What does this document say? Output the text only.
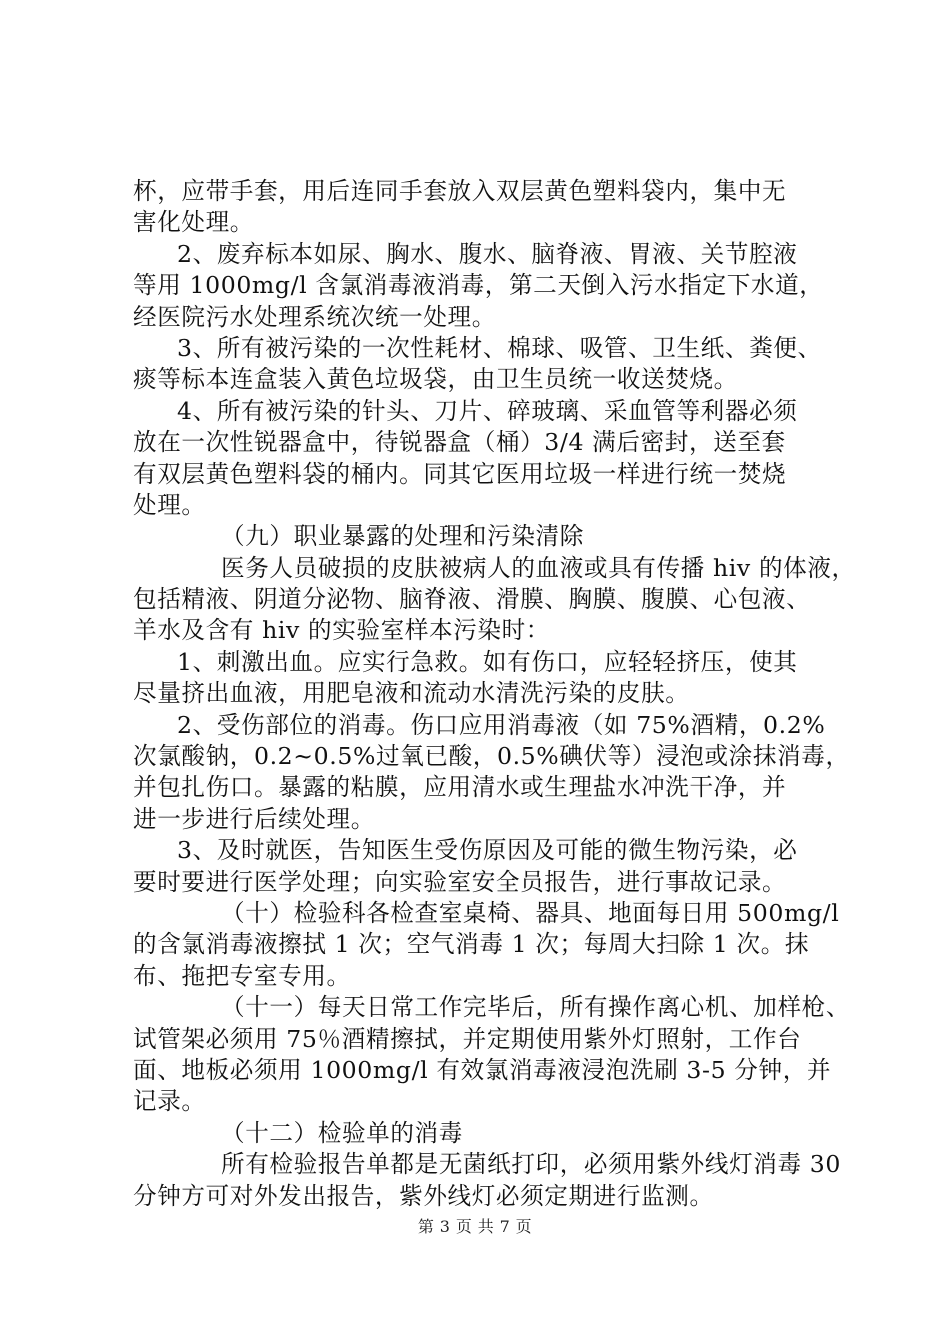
杯，应带手套，用后连同手套放入双层黄色塑料袋内，集中无
害化处理。
2、废弃标本如尿、胸水、腹水、脑脊液、胃液、关节腔液
等用 1000mg/l 含氯消毒液消毒，第二天倒入污水指定下水道，
经医院污水处理系统次统一处理。
3、所有被污染的一次性耗材、棉球、吸管、卫生纸、粪便、
痰等标本连盒装入黄色垃圾袋，由卫生员统一收送焚烧。
4、所有被污染的针头、刀片、碎玻璃、采血管等利器必须
放在一次性锐器盒中，待锐器盒（桶）3/4 满后密封，送至套
有双层黄色塑料袋的桶内。同其它医用垃圾一样进行统一焚烧
处理。
（九）职业暴露的处理和污染清除
医务人员破损的皮肤被病人的血液或具有传播 hiv 的体液，
包括精液、阴道分泌物、脑脊液、滑膜、胸膜、腹膜、心包液、
羊水及含有 hiv 的实验室样本污染时：
1、刺激出血。应实行急救。如有伤口，应轻轻挤压，使其
尽量挤出血液，用肥皂液和流动水清洗污染的皮肤。
2、受伤部位的消毒。伤口应用消毒液（如 75%酒精，0.2%
次氯酸钠，0.2~0.5%过氧已酸，0.5%碘伏等）浸泡或涂抹消毒，
并包扎伤口。暴露的粘膜，应用清水或生理盐水冲洗干净，并
进一步进行后续处理。
3、及时就医，告知医生受伤原因及可能的微生物污染，必
要时要进行医学处理；向实验室安全员报告，进行事故记录。
（十）检验科各检查室桌椅、器具、地面每日用 500mg/l
的含氯消毒液擦拭 1 次；空气消毒 1 次；每周大扫除 1 次。抹
布、拖把专室专用。
（十一）每天日常工作完毕后，所有操作离心机、加样枪、
试管架必须用 75％酒精擦拭，并定期使用紫外灯照射，工作台
面、地板必须用 1000mg/l 有效氯消毒液浸泡洗刷 3-5 分钟，并
记录。
（十二）检验单的消毒
所有检验报告单都是无菌纸打印，必须用紫外线灯消毒 30
分钟方可对外发出报告，紫外线灯必须定期进行监测。
第 3 页 共 7 页
